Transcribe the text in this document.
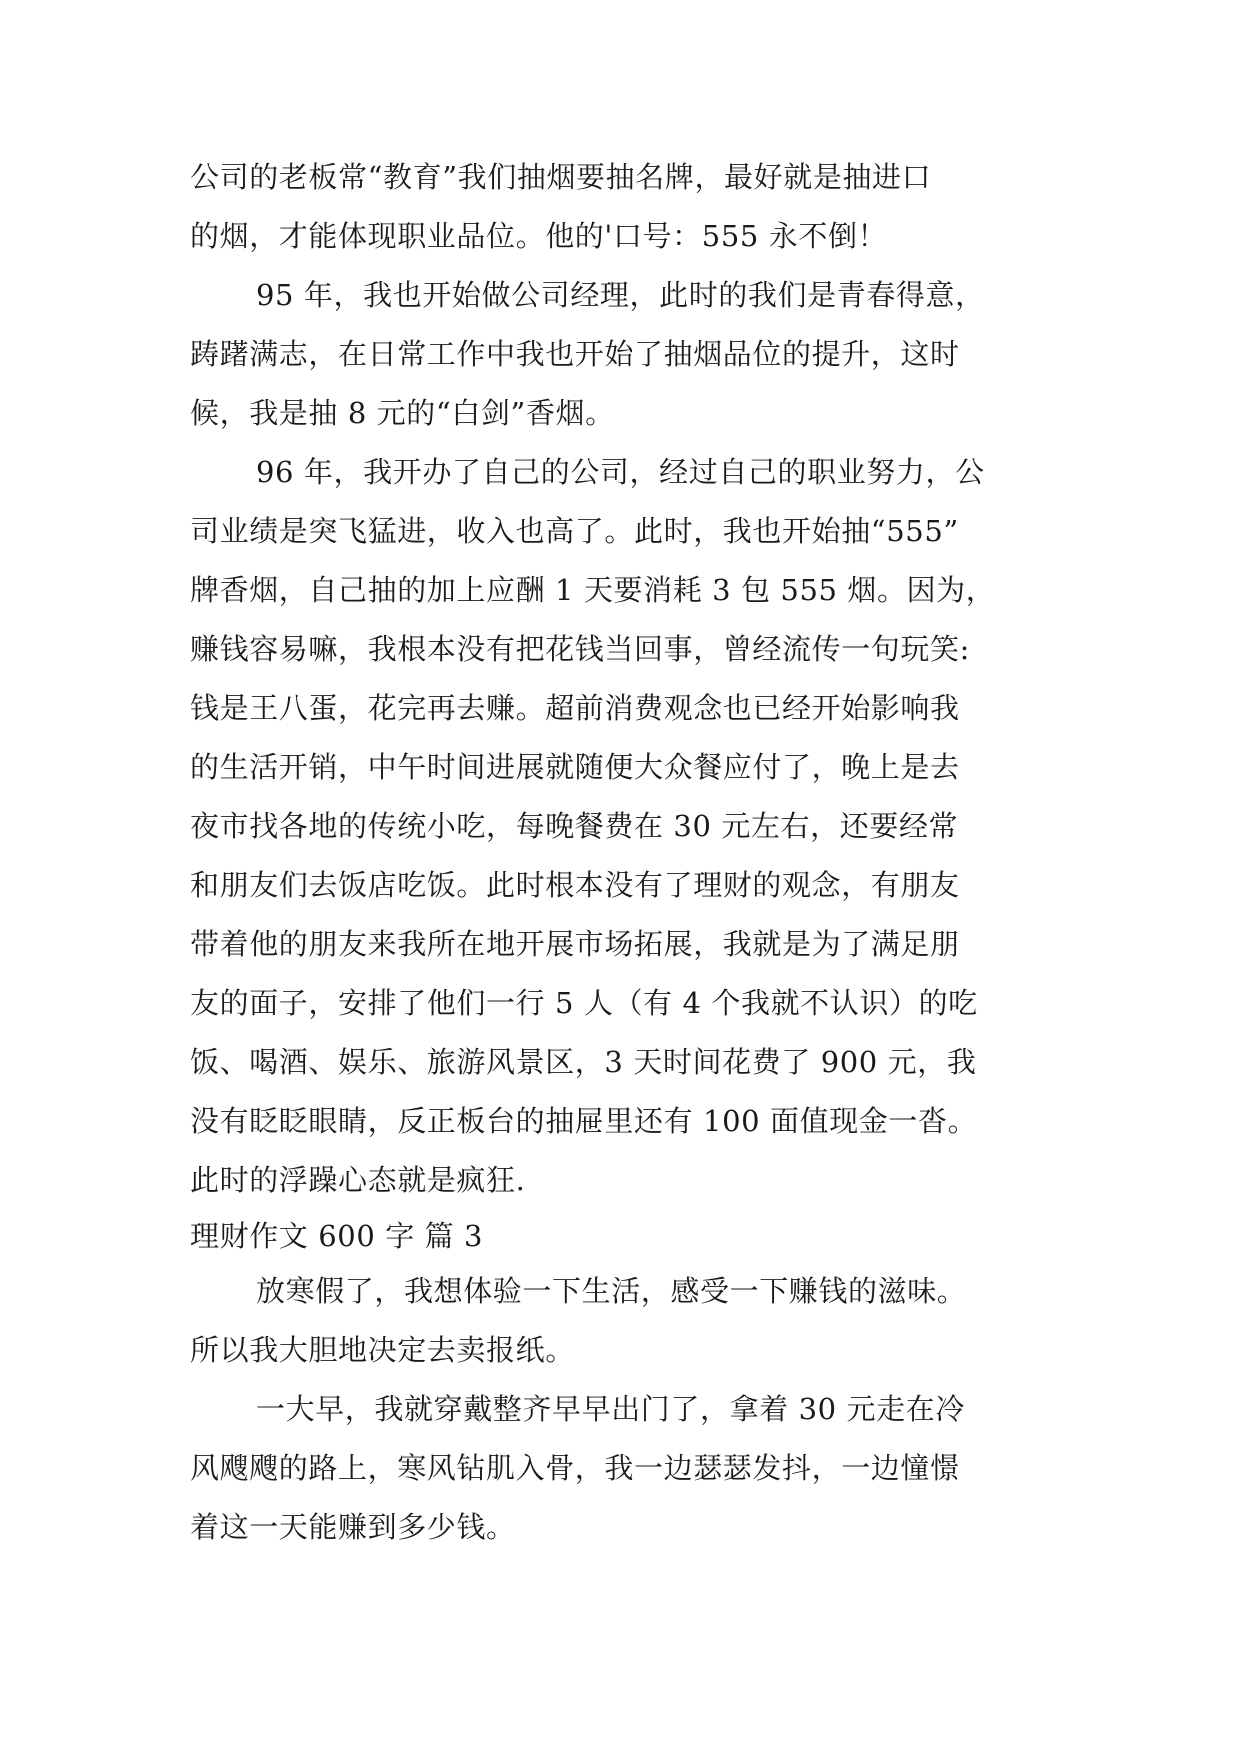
公司的老板常“教育”我们抽烟要抽名牌，最好就是抽进口
的烟，才能体现职业品位。他的'口号：555 永不倒！
95 年，我也开始做公司经理，此时的我们是青春得意，
踌躇满志，在日常工作中我也开始了抽烟品位的提升，这时
候，我是抽 8 元的“白剑”香烟。
96 年，我开办了自己的公司，经过自己的职业努力，公
司业绩是突飞猛进，收入也高了。此时，我也开始抽“555”
牌香烟，自己抽的加上应酬 1 天要消耗 3 包 555 烟。因为，
赚钱容易嘛，我根本没有把花钱当回事，曾经流传一句玩笑:
钱是王八蛋，花完再去赚。超前消费观念也已经开始影响我
的生活开销，中午时间进展就随便大众餐应付了，晚上是去
夜市找各地的传统小吃，每晚餐费在 30 元左右，还要经常
和朋友们去饭店吃饭。此时根本没有了理财的观念，有朋友
带着他的朋友来我所在地开展市场拓展，我就是为了满足朋
友的面子，安排了他们一行 5 人（有 4 个我就不认识）的吃
饭、喝酒、娱乐、旅游风景区，3 天时间花费了 900 元，我
没有眨眨眼睛，反正板台的抽屉里还有 100 面值现金一沓。
此时的浮躁心态就是疯狂.
理财作文 600 字 篇 3
放寒假了，我想体验一下生活，感受一下赚钱的滋味。
所以我大胆地决定去卖报纸。
一大早，我就穿戴整齐早早出门了，拿着 30 元走在冷
风飕飕的路上，寒风钻肌入骨，我一边瑟瑟发抖，一边憧憬
着这一天能赚到多少钱。
